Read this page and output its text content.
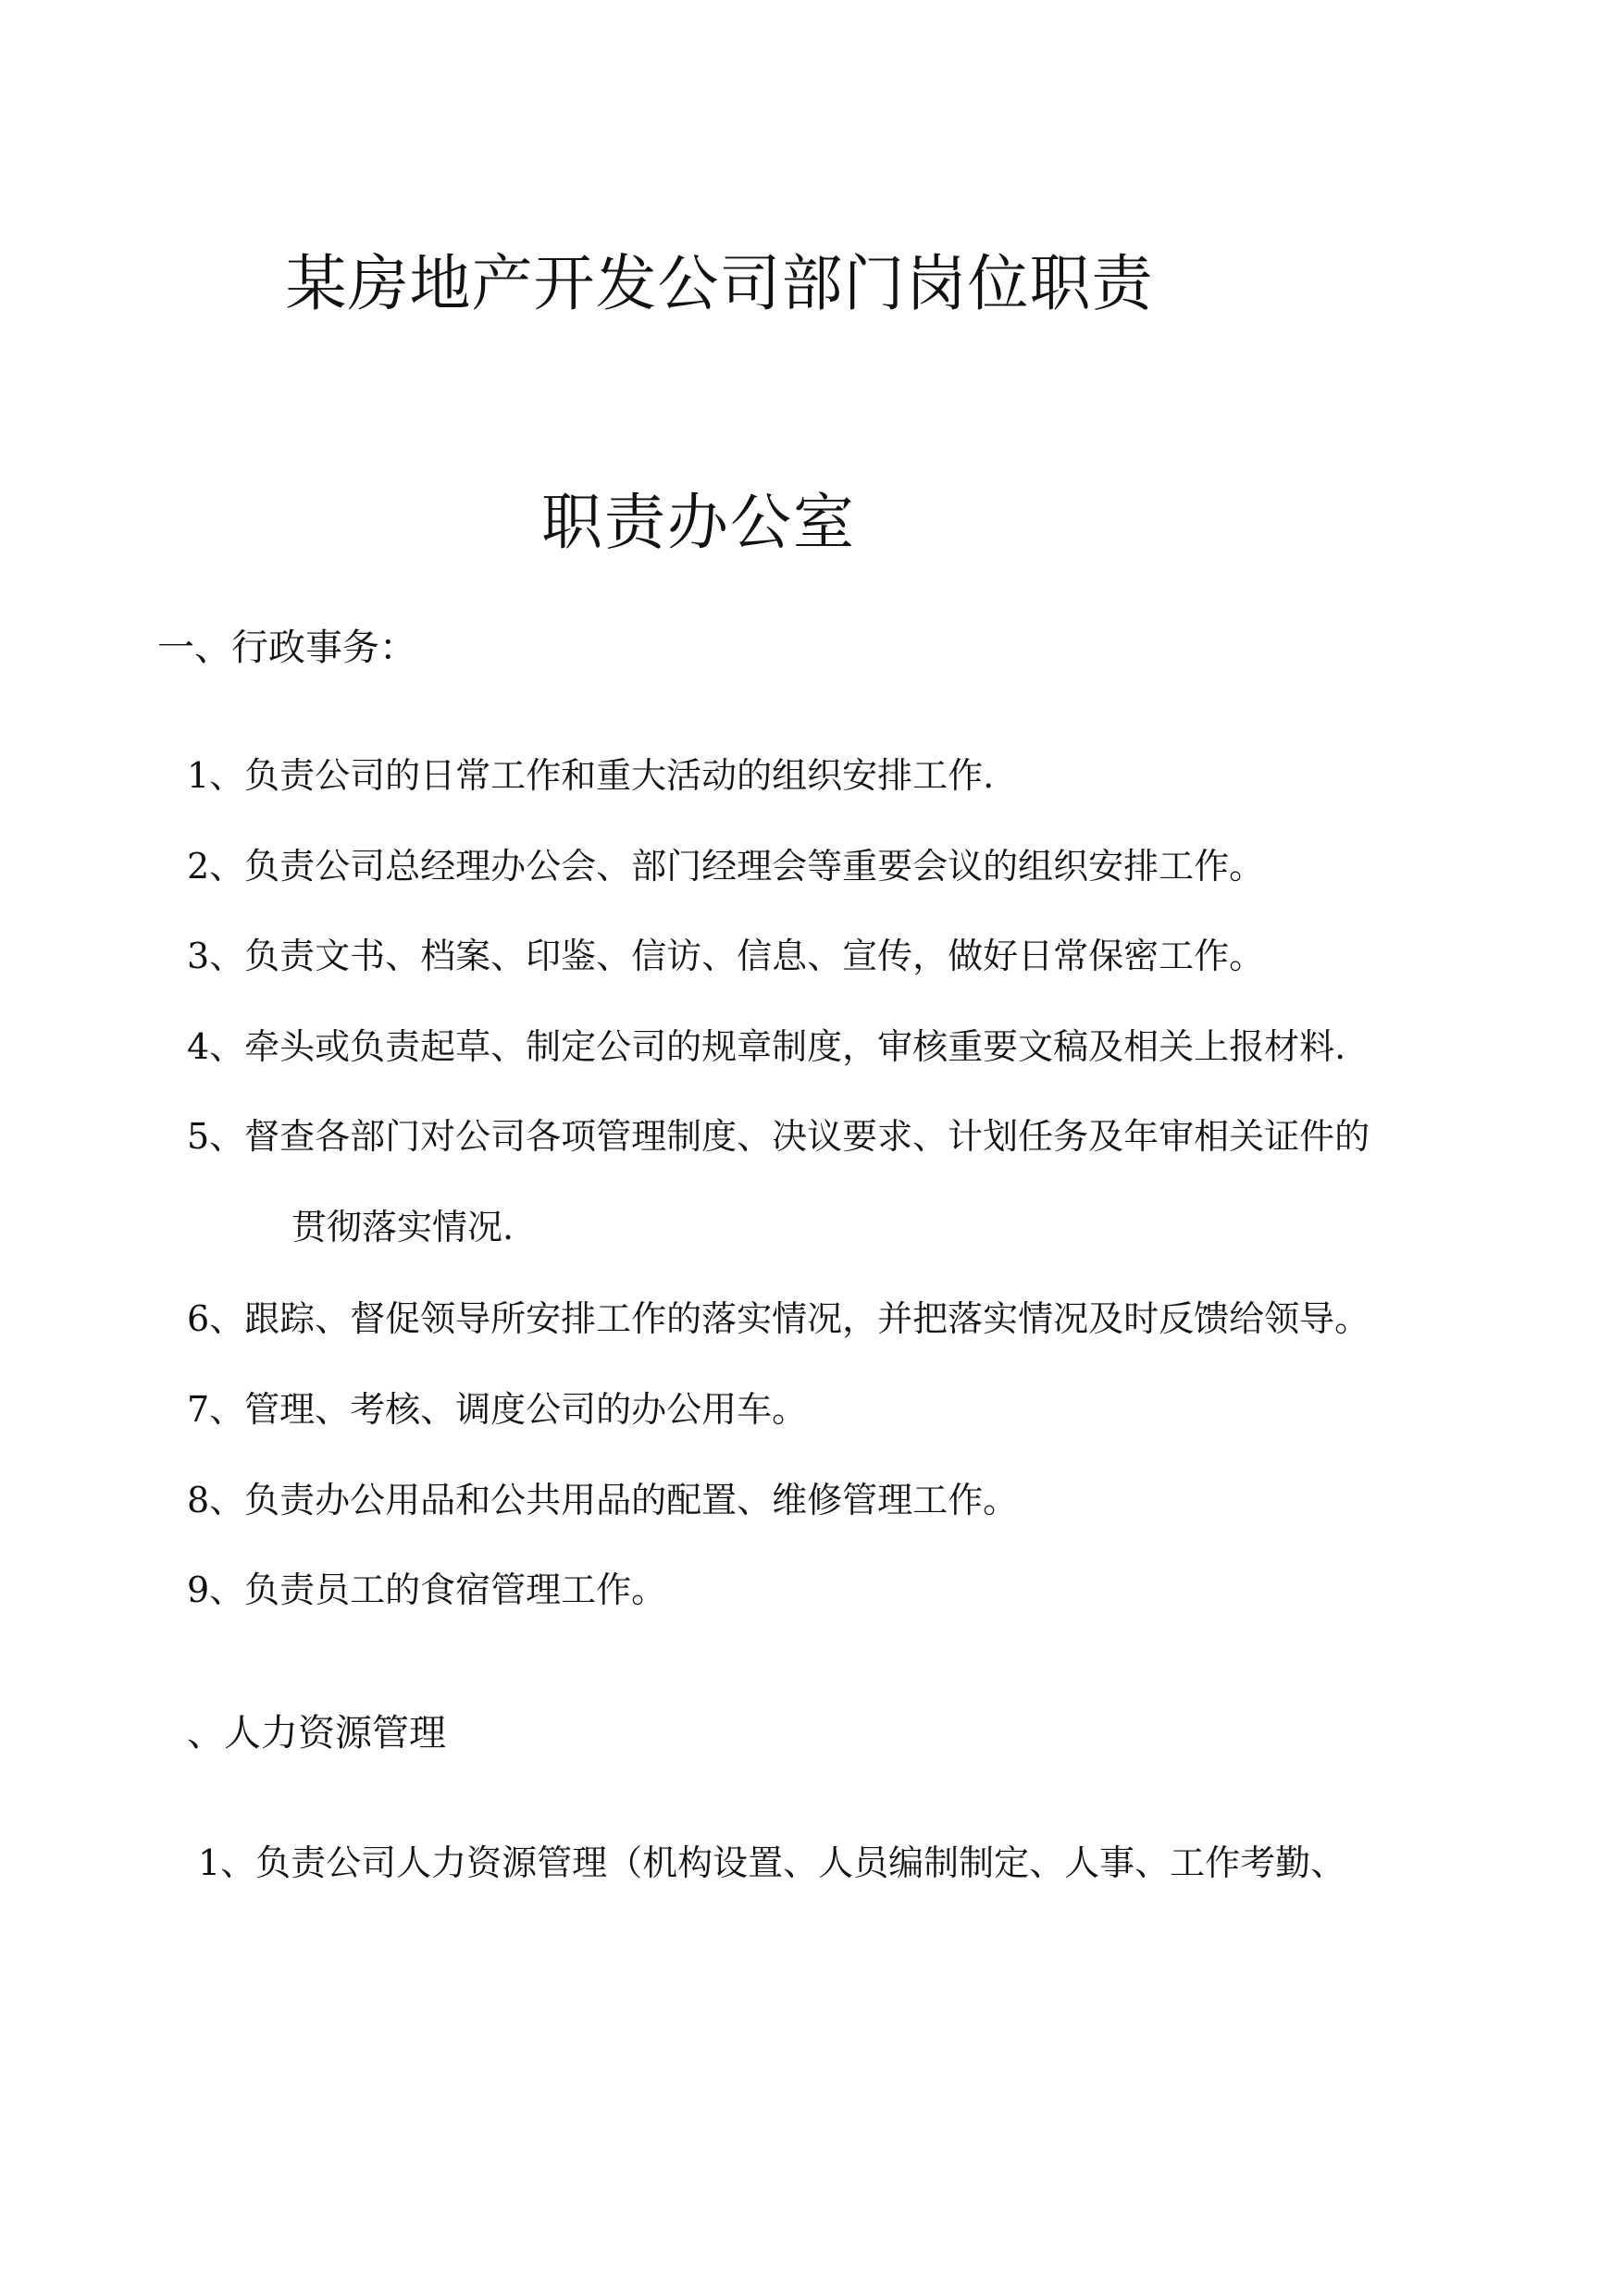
某房地产开发公司部门岗位职责
职责办公室
一、行政事务：
1、负责公司的日常工作和重大活动的组织安排工作.
2、负责公司总经理办公会、部门经理会等重要会议的组织安排工作。
3、负责文书、档案、印鉴、信访、信息、宣传，做好日常保密工作。
4、牵头或负责起草、制定公司的规章制度，审核重要文稿及相关上报材料.
5、督查各部门对公司各项管理制度、决议要求、计划任务及年审相关证件的
贯彻落实情况.
6、跟踪、督促领导所安排工作的落实情况，并把落实情况及时反馈给领导。
7、管理、考核、调度公司的办公用车。
8、负责办公用品和公共用品的配置、维修管理工作。
9、负责员工的食宿管理工作。
、人力资源管理
1、负责公司人力资源管理（机构设置、人员编制制定、人事、工作考勤、
